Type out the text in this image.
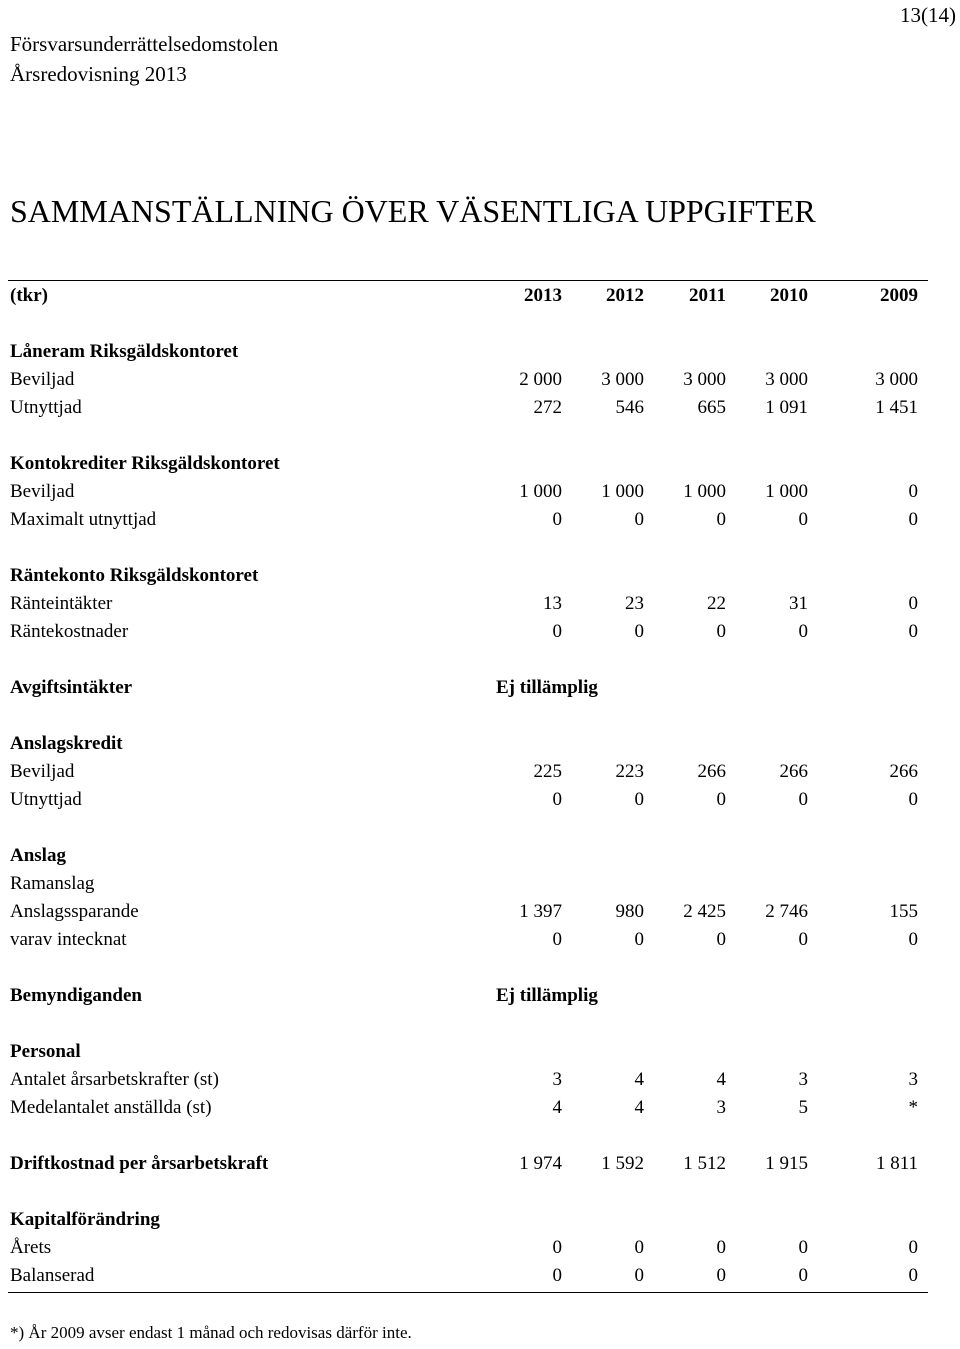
13(14)
Försvarsunderrättelsedomstolen
Årsredovisning 2013
SAMMANSTÄLLNING ÖVER VÄSENTLIGA UPPGIFTER
(tkr)	2013	2012	2011	2010	2009
Låneram Riksgäldskontoret
Beviljad	2 000	3 000	3 000	3 000	3 000
Utnyttjad	272	546	665	1 091	1 451
Kontokrediter Riksgäldskontoret
Beviljad	1 000	1 000	1 000	1 000	0
Maximalt utnyttjad	0	0	0	0	0
Räntekonto Riksgäldskontoret
Ränteintäkter	13	23	22	31	0
Räntekostnader	0	0	0	0	0
Avgiftsintäkter	Ej tillämplig
Anslagskredit
Beviljad	225	223	266	266	266
Utnyttjad	0	0	0	0	0
Anslag
Ramanslag
Anslagssparande	1 397	980	2 425	2 746	155
varav intecknat	0	0	0	0	0
Bemyndiganden	Ej tillämplig
Personal
Antalet årsarbetskrafter (st)	3	4	4	3	3
Medelantalet anställda (st)	4	4	3	5	*
Driftkostnad per årsarbetskraft	1 974	1 592	1 512	1 915	1 811
Kapitalförändring
Årets	0	0	0	0	0
Balanserad	0	0	0	0	0
*) År 2009 avser endast 1 månad och redovisas därför inte.
